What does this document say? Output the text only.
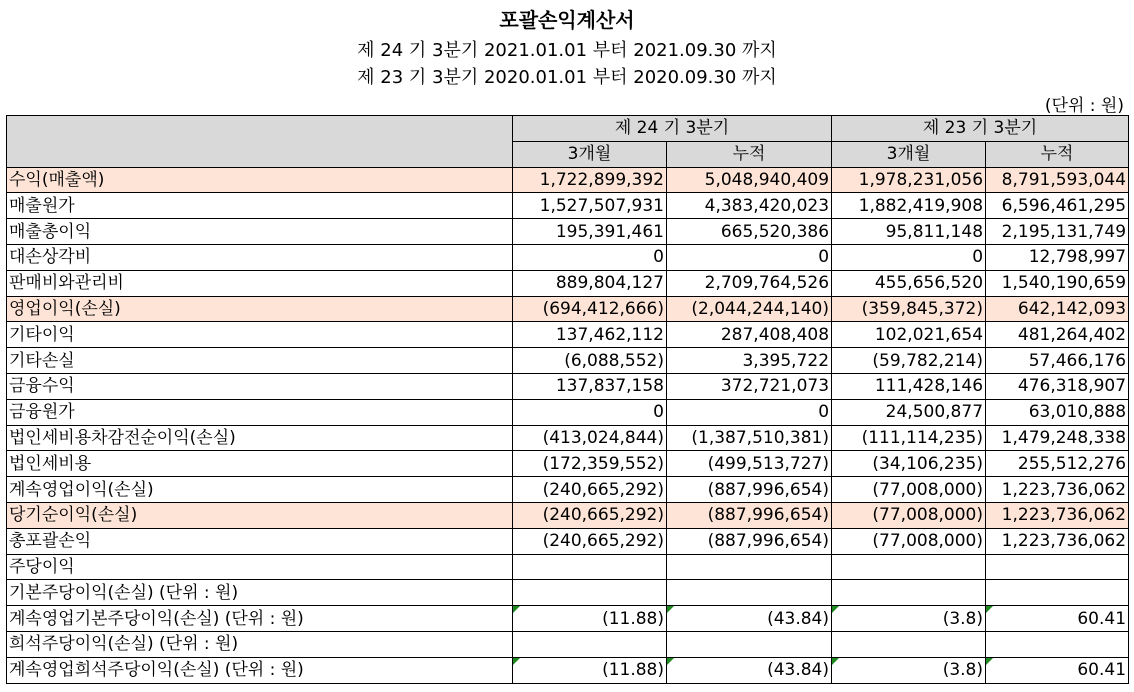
포괄손익계산서
제 24 기 3분기 2021.01.01 부터 2021.09.30 까지
제 23 기 3분기 2020.01.01 부터 2020.09.30 까지
(단위 : 원)
	제 24 기 3분기		제 23 기 3분기	
	3개월	누적	3개월	누적
수익(매출액)	1,722,899,392	5,048,940,409	1,978,231,056	8,791,593,044
매출원가	1,527,507,931	4,383,420,023	1,882,419,908	6,596,461,295
매출총이익	195,391,461	665,520,386	95,811,148	2,195,131,749
대손상각비	0	0	0	12,798,997
판매비와관리비	889,804,127	2,709,764,526	455,656,520	1,540,190,659
영업이익(손실)	(694,412,666)	(2,044,244,140)	(359,845,372)	642,142,093
기타이익	137,462,112	287,408,408	102,021,654	481,264,402
기타손실	(6,088,552)	3,395,722	(59,782,214)	57,466,176
금융수익	137,837,158	372,721,073	111,428,146	476,318,907
금융원가	0	0	24,500,877	63,010,888
법인세비용차감전순이익(손실)	(413,024,844)	(1,387,510,381)	(111,114,235)	1,479,248,338
법인세비용	(172,359,552)	(499,513,727)	(34,106,235)	255,512,276
계속영업이익(손실)	(240,665,292)	(887,996,654)	(77,008,000)	1,223,736,062
당기순이익(손실)	(240,665,292)	(887,996,654)	(77,008,000)	1,223,736,062
총포괄손익	(240,665,292)	(887,996,654)	(77,008,000)	1,223,736,062
주당이익				
기본주당이익(손실) (단위 : 원)				
계속영업기본주당이익(손실) (단위 : 원)	(11.88)	(43.84)	(3.8)	60.41
희석주당이익(손실) (단위 : 원)				
계속영업희석주당이익(손실) (단위 : 원)	(11.88)	(43.84)	(3.8)	60.41
